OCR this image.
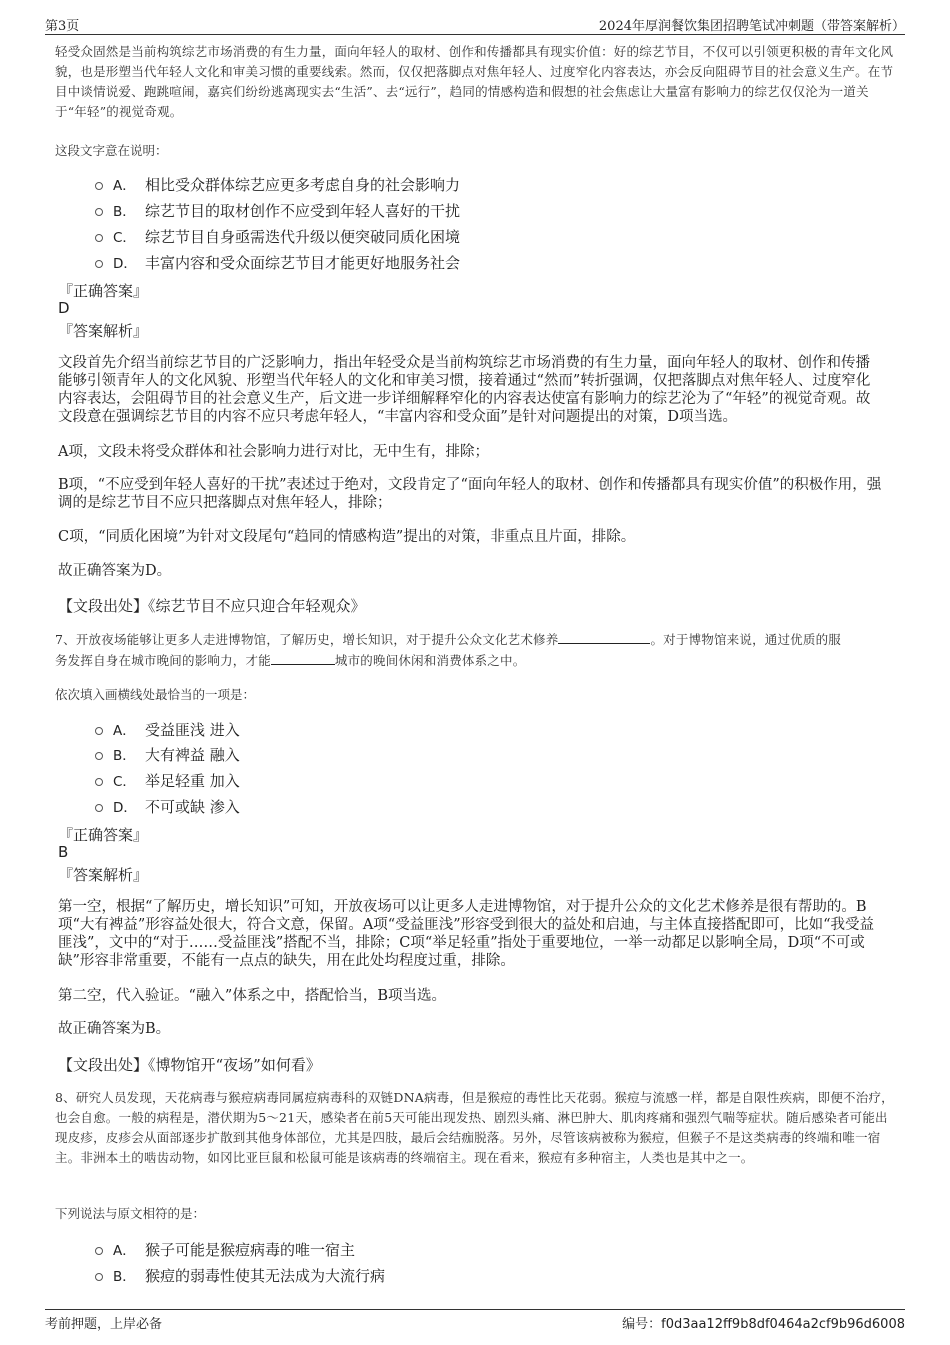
第3页	2024年厚润餐饮集团招聘笔试冲刺题（带答案解析）

轻受众固然是当前构筑综艺市场消费的有生力量，面向年轻人的取材、创作和传播都具有现实价值：好的综艺节目，不仅可以引领更积极的青年文化风貌，也是形塑当代年轻人文化和审美习惯的重要线索。然而，仅仅把落脚点对焦年轻人、过度窄化内容表达，亦会反向阻碍节目的社会意义生产。在节目中谈情说爱、跑跳喧闹，嘉宾们纷纷逃离现实去“生活”、去“远行”，趋同的情感构造和假想的社会焦虑让大量富有影响力的综艺仅仅沦为一道关于“年轻”的视觉奇观。

这段文字意在说明：
A． 相比受众群体综艺应更多考虑自身的社会影响力
B． 综艺节目的取材创作不应受到年轻人喜好的干扰
C． 综艺节目自身亟需迭代升级以便突破同质化困境
D． 丰富内容和受众面综艺节目才能更好地服务社会
『正确答案』
D
『答案解析』

文段首先介绍当前综艺节目的广泛影响力，指出年轻受众是当前构筑综艺市场消费的有生力量，面向年轻人的取材、创作和传播能够引领青年人的文化风貌、形塑当代年轻人的文化和审美习惯，接着通过“然而”转折强调，仅把落脚点对焦年轻人、过度窄化内容表达，会阻碍节目的社会意义生产，后文进一步详细解释窄化的内容表达使富有影响力的综艺沦为了“年轻”的视觉奇观。故文段意在强调综艺节目的内容不应只考虑年轻人，“丰富内容和受众面”是针对问题提出的对策，D项当选。

A项，文段未将受众群体和社会影响力进行对比，无中生有，排除；

B项，“不应受到年轻人喜好的干扰”表述过于绝对，文段肯定了“面向年轻人的取材、创作和传播都具有现实价值”的积极作用，强调的是综艺节目不应只把落脚点对焦年轻人，排除；

C项，“同质化困境”为针对文段尾句“趋同的情感构造”提出的对策，非重点且片面，排除。

故正确答案为D。

【文段出处】《综艺节目不应只迎合年轻观众》
7、开放夜场能够让更多人走进博物馆，了解历史，增长知识，对于提升公众文化艺术修养	。对于博物馆来说，通过优质的服
务发挥自身在城市晚间的影响力，才能	城市的晚间休闲和消费体系之中。
依次填入画横线处最恰当的一项是：
A． 受益匪浅 进入
B． 大有裨益 融入
C． 举足轻重 加入
D． 不可或缺 渗入
『正确答案』
B
『答案解析』

第一空，根据“了解历史，增长知识”可知，开放夜场可以让更多人走进博物馆，对于提升公众的文化艺术修养是很有帮助的。B项“大有裨益”形容益处很大，符合文意，保留。A项“受益匪浅”形容受到很大的益处和启迪，与主体直接搭配即可，比如“我受益匪浅”，文中的“对于……受益匪浅”搭配不当，排除；C项“举足轻重”指处于重要地位，一举一动都足以影响全局，D项“不可或缺”形容非常重要，不能有一点点的缺失，用在此处均程度过重，排除。

第二空，代入验证。“融入”体系之中，搭配恰当，B项当选。

故正确答案为B。

【文段出处】《博物馆开“夜场”如何看》

8、研究人员发现，天花病毒与猴痘病毒同属痘病毒科的双链DNA病毒，但是猴痘的毒性比天花弱。猴痘与流感一样，都是自限性疾病，即便不治疗，也会自愈。一般的病程是，潜伏期为5～21天，感染者在前5天可能出现发热、剧烈头痛、淋巴肿大、肌肉疼痛和强烈气喘等症状。随后感染者可能出现皮疹，皮疹会从面部逐步扩散到其他身体部位，尤其是四肢，最后会结痂脱落。另外，尽管该病被称为猴痘，但猴子不是这类病毒的终端和唯一宿主。非洲本土的啮齿动物，如冈比亚巨鼠和松鼠可能是该病毒的终端宿主。现在看来，猴痘有多种宿主，人类也是其中之一。

下列说法与原文相符的是：
A． 猴子可能是猴痘病毒的唯一宿主
B． 猴痘的弱毒性使其无法成为大流行病
考前押题，上岸必备	编号：f0d3aa12ff9b8df0464a2cf9b96d6008
